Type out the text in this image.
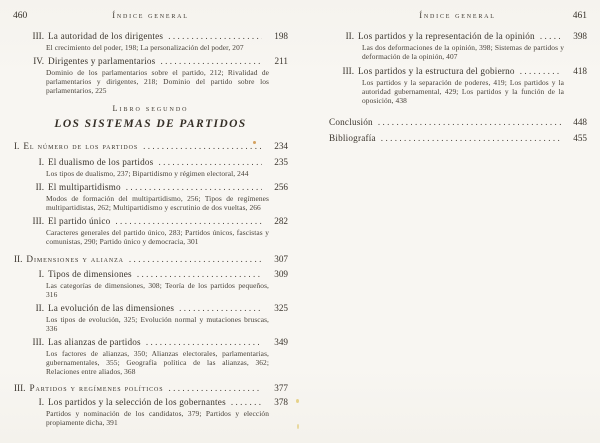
460	Índice general
III. La autoridad de los dirigentes .....	198
El crecimiento del poder, 198; La personalización del poder, 207
IV. Dirigentes y parlamentarios .....	211
Dominio de los parlamentarios sobre el partido, 212; Rivalidad de parlamentarios y dirigentes, 218; Dominio del partido sobre los parlamentarios, 225
Libro segundo
LOS SISTEMAS DE PARTIDOS
I. El número de los partidos .....	234
I. El dualismo de los partidos .....	235
Los tipos de dualismo, 237; Bipartidismo y régimen electoral, 244
II. El multipartidismo .....	256
Modos de formación del multipartidismo, 256; Tipos de regímenes multipartidistas, 262; Multipartidismo y escrutinio de dos vueltas, 266
III. El partido único .....	282
Caracteres generales del partido único, 283; Partidos únicos, fascistas y comunistas, 290; Partido único y democracia, 301
II. Dimensiones y alianza .....	307
I. Tipos de dimensiones .....	309
Las categorías de dimensiones, 308; Teoría de los partidos pequeños, 316
II. La evolución de las dimensiones .....	325
Los tipos de evolución, 325; Evolución normal y mutaciones bruscas, 336
III. Las alianzas de partidos .....	349
Los factores de alianzas, 350; Alianzas electorales, parlamentarias, gubernamentales, 355; Geografía política de las alianzas, 362; Relaciones entre aliados, 368
III. Partidos y regímenes políticos .....	377
I. Los partidos y la selección de los gobernantes .....	378
Partidos y nominación de los candidatos, 379; Partidos y elección propiamente dicha, 391
Índice general	461
II. Los partidos y la representación de la opinión .....	398
Las dos deformaciones de la opinión, 398; Sistemas de partidos y deformación de la opinión, 407
III. Los partidos y la estructura del gobierno .....	418
Los partidos y la separación de poderes, 419; Los partidos y la autoridad gubernamental, 429; Los partidos y la función de la oposición, 438
Conclusión .....	448
Bibliografía .....	455
